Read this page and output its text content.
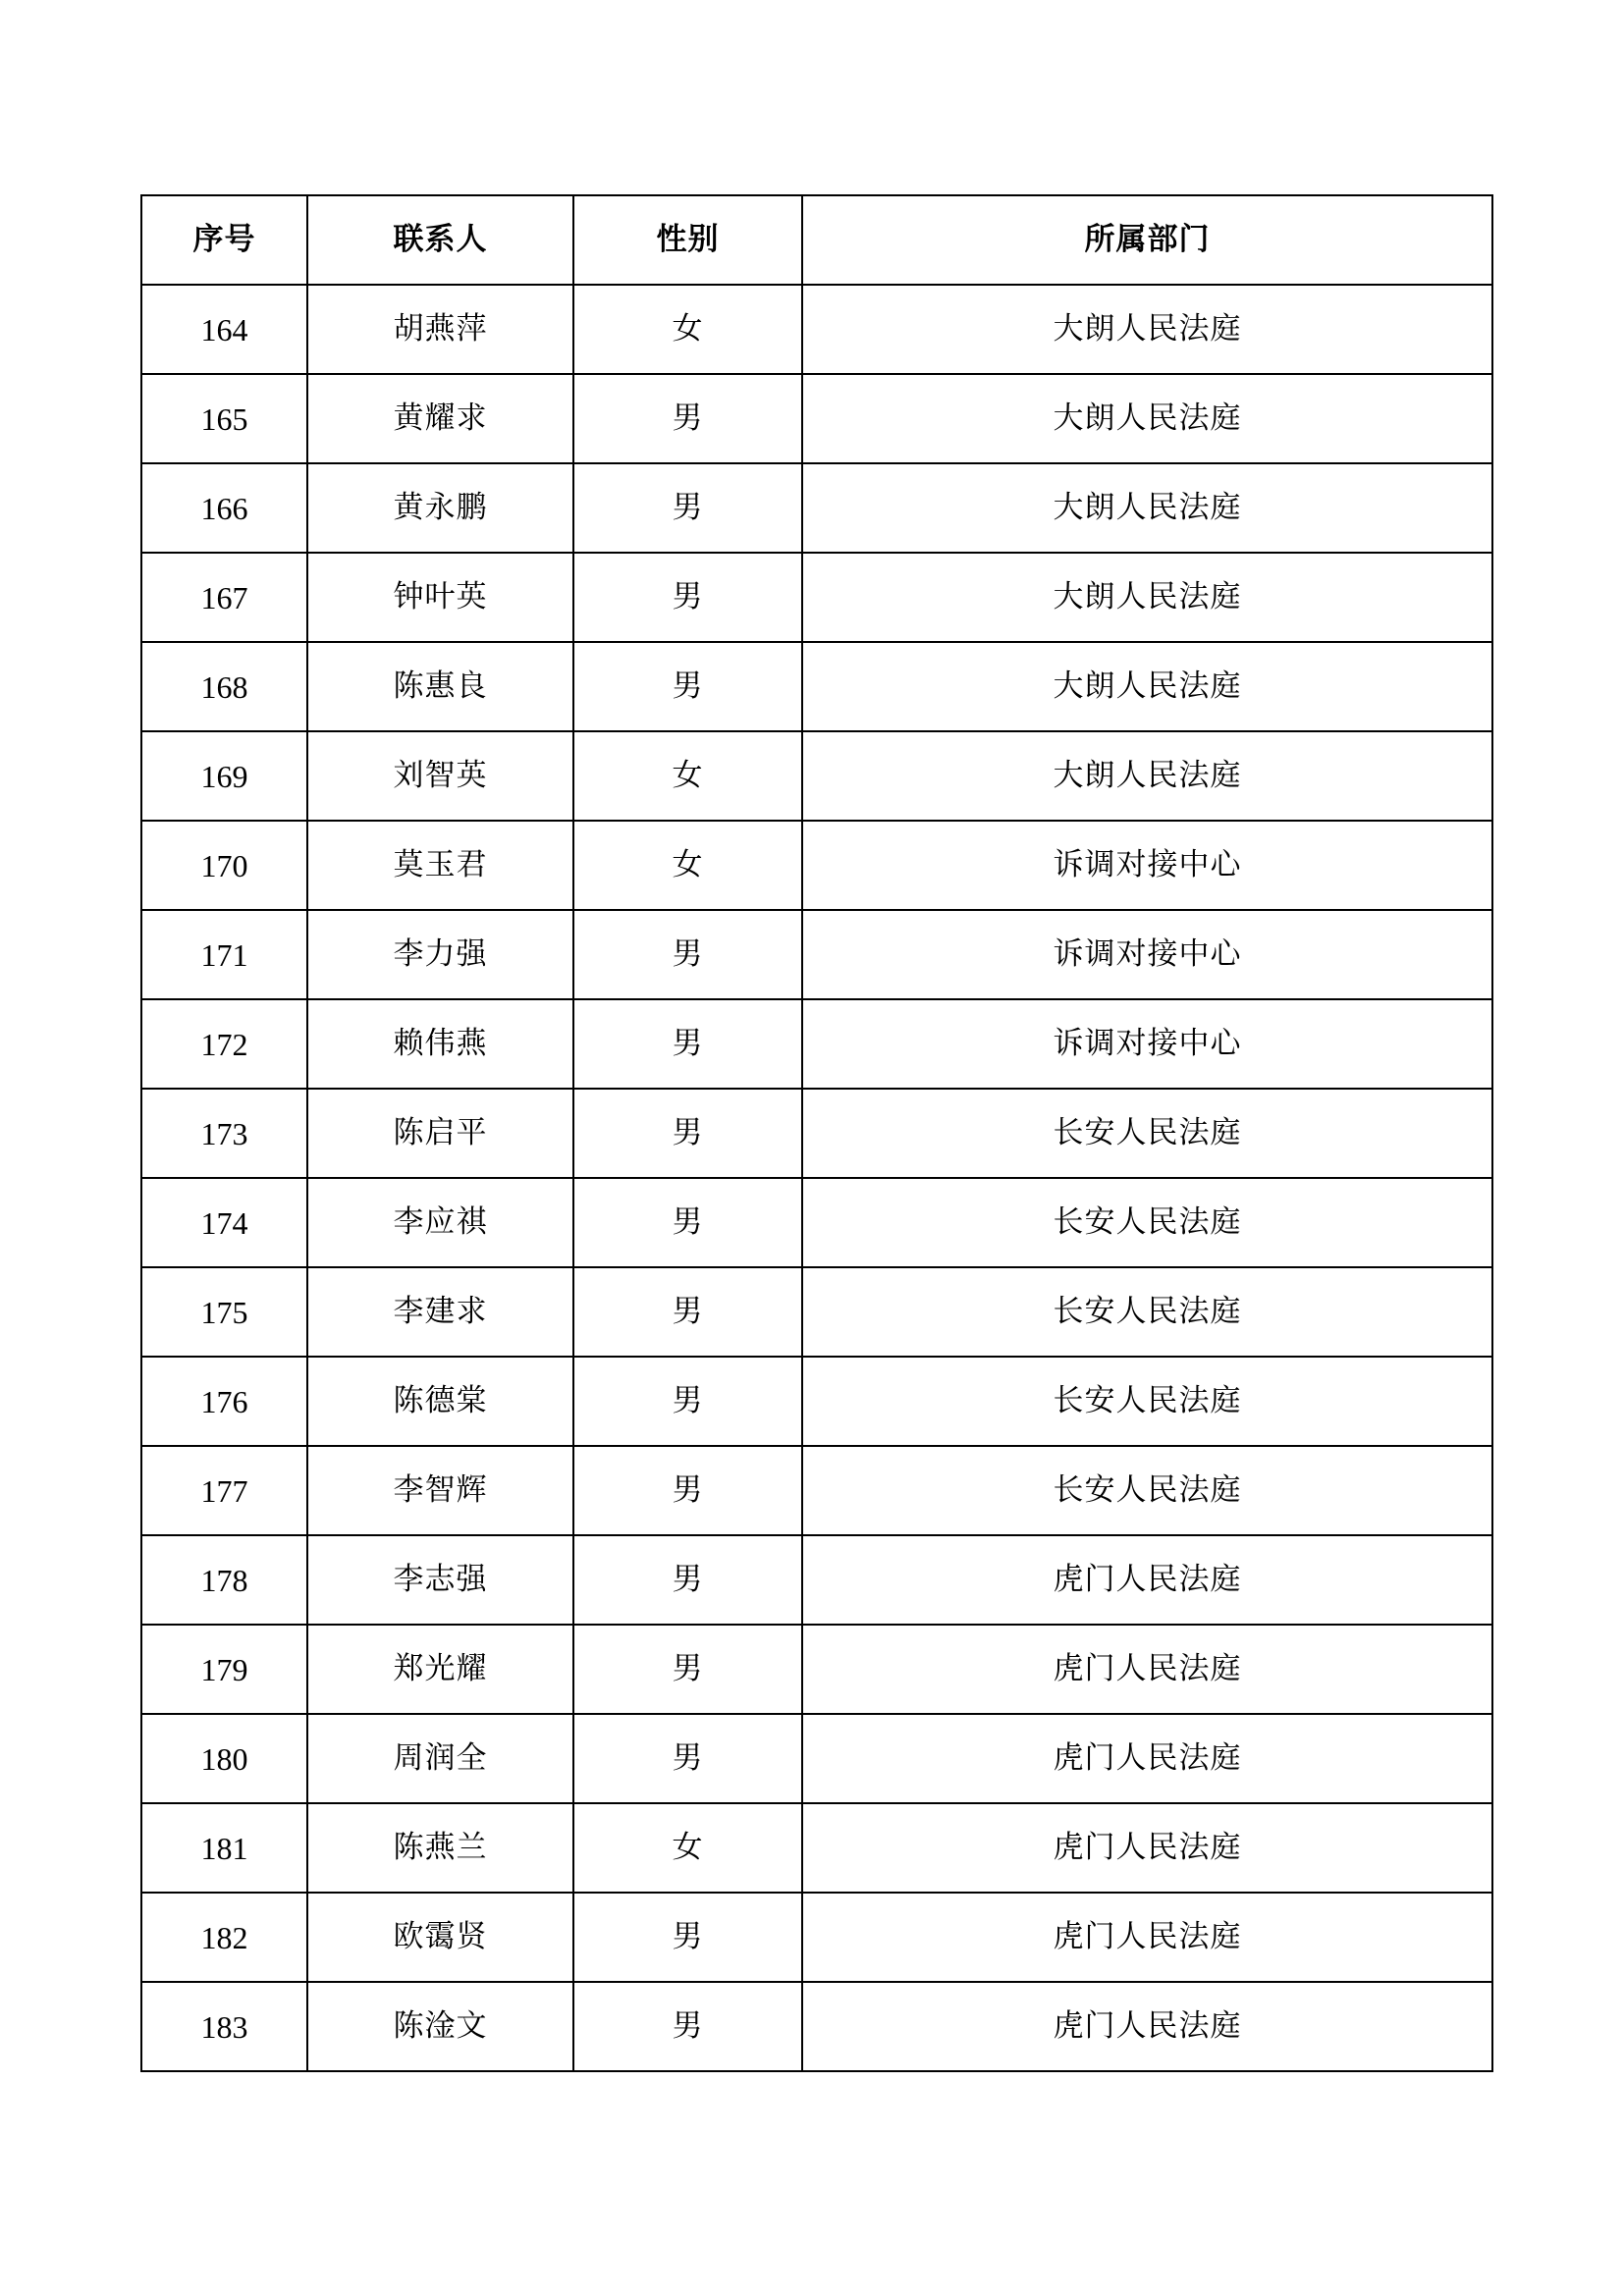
序号	联系人	性别	所属部门
164	胡燕萍	女	大朗人民法庭
165	黄耀求	男	大朗人民法庭
166	黄永鹏	男	大朗人民法庭
167	钟叶英	男	大朗人民法庭
168	陈惠良	男	大朗人民法庭
169	刘智英	女	大朗人民法庭
170	莫玉君	女	诉调对接中心
171	李力强	男	诉调对接中心
172	赖伟燕	男	诉调对接中心
173	陈启平	男	长安人民法庭
174	李应祺	男	长安人民法庭
175	李建求	男	长安人民法庭
176	陈德棠	男	长安人民法庭
177	李智辉	男	长安人民法庭
178	李志强	男	虎门人民法庭
179	郑光耀	男	虎门人民法庭
180	周润全	男	虎门人民法庭
181	陈燕兰	女	虎门人民法庭
182	欧霭贤	男	虎门人民法庭
183	陈淦文	男	虎门人民法庭
